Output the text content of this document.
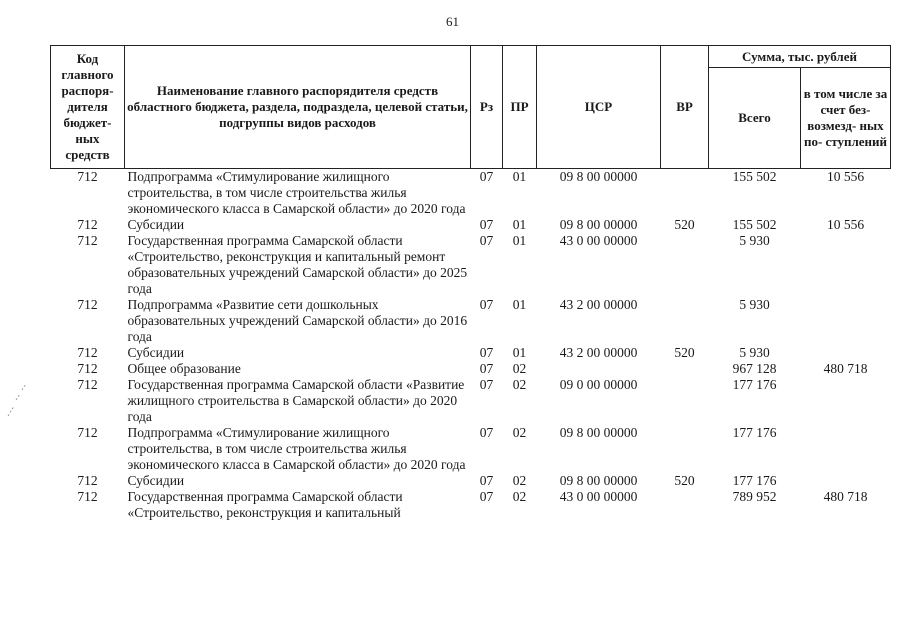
61
Код главного распоря- дителя бюджет- ных средств	Наименование главного распорядителя средств областного бюджета, раздела, подраздела, целевой статьи, подгруппы видов расходов	Рз	ПР	ЦСР	ВР	Сумма, тыс. рублей	
						Всего	в том числе за счет без- возмезд- ных по- ступлений
712	Подпрограмма «Стимулирование жилищного строительства, в том числе строительства жилья экономического класса в Самарской области» до 2020 года	07	01	09 8 00 00000		155 502	10 556
712	Субсидии	07	01	09 8 00 00000	520	155 502	10 556
712	Государственная программа Самарской области «Строительство, реконструкция и капитальный ремонт образовательных учреждений Самарской области» до 2025 года	07	01	43 0 00 00000		5 930	
712	Подпрограмма «Развитие сети дошкольных образовательных учреждений Самарской области» до 2016 года	07	01	43 2 00 00000		5 930	
712	Субсидии	07	01	43 2 00 00000	520	5 930	
712	Общее образование	07	02			967 128	480 718
712	Государственная программа Самарской области «Развитие жилищного строительства в Самарской области» до 2020 года	07	02	09 0 00 00000		177 176	
712	Подпрограмма «Стимулирование жилищного строительства, в том числе строительства жилья экономического класса в Самарской области» до 2020 года	07	02	09 8 00 00000		177 176	
712	Субсидии	07	02	09 8 00 00000	520	177 176	
712	Государственная программа Самарской области «Строительство, реконструкция и капитальный	07	02	43 0 00 00000		789 952	480 718
